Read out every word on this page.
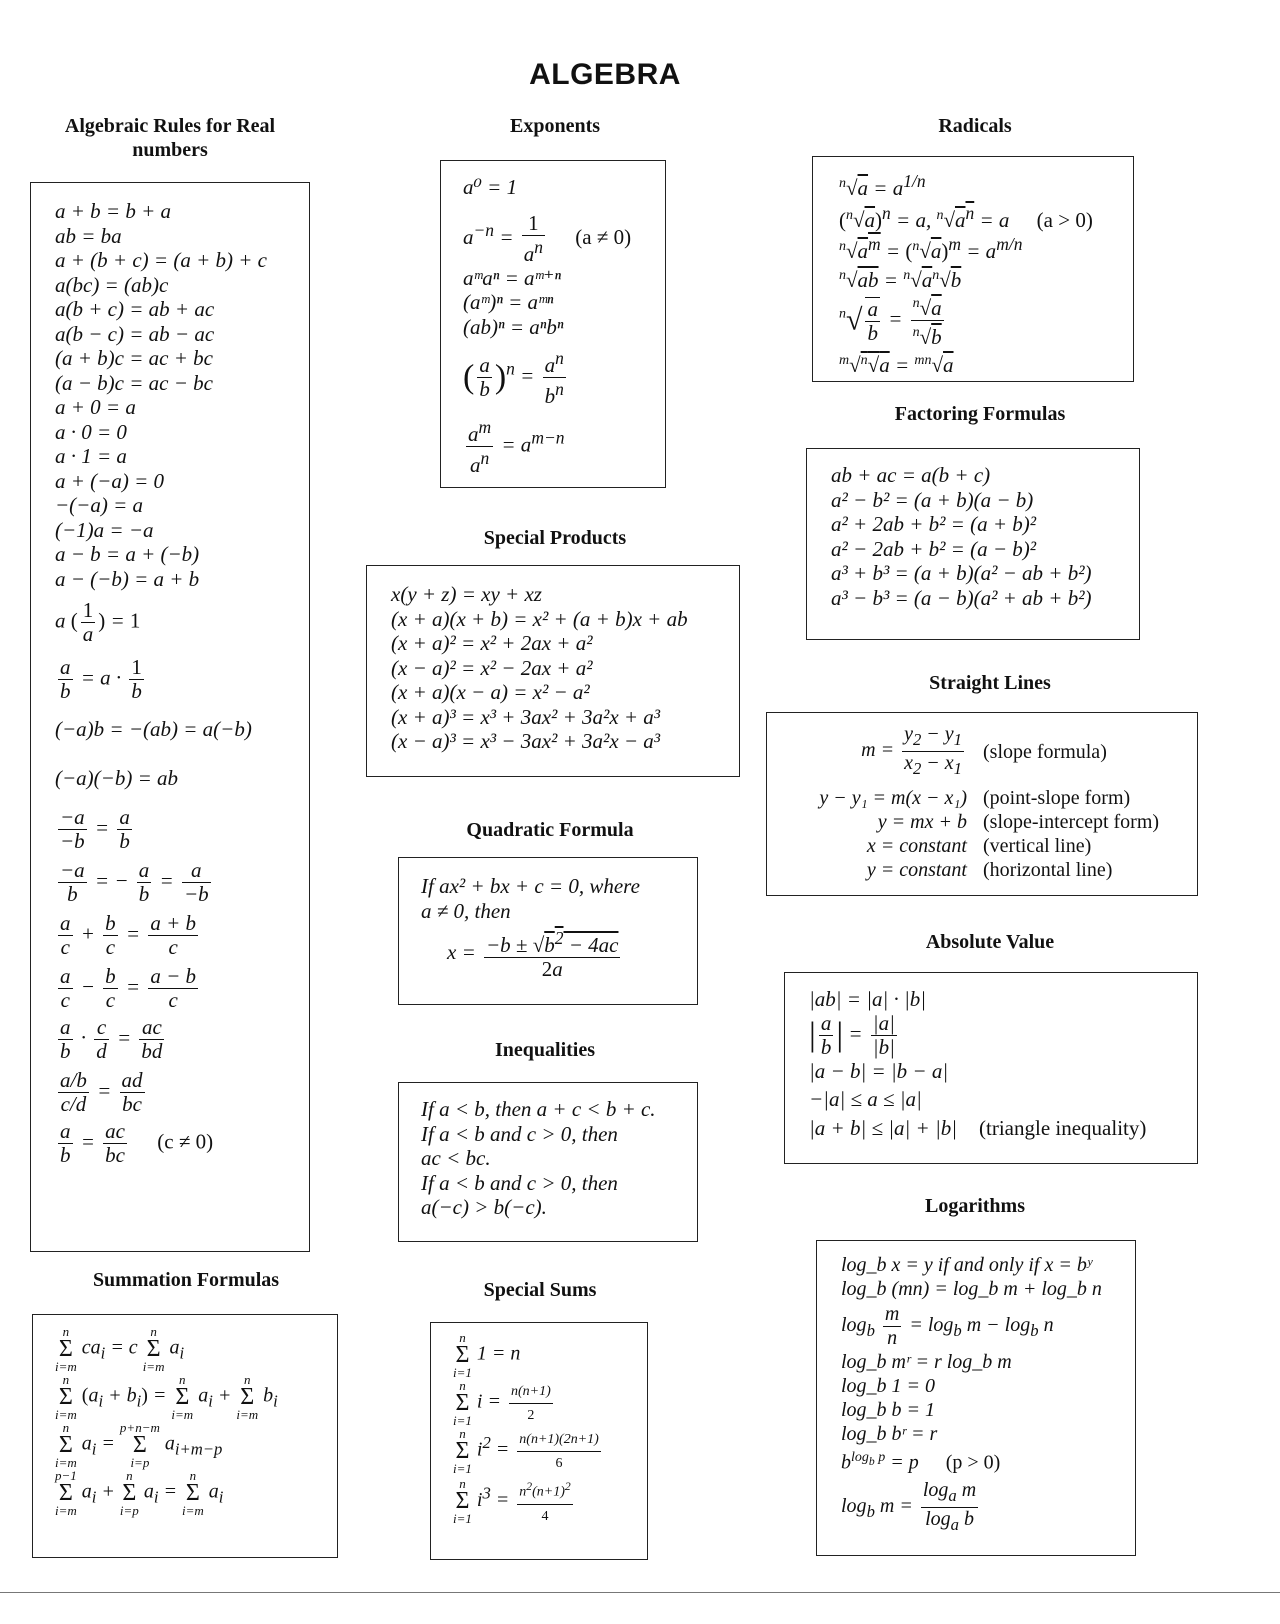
ALGEBRA
Algebraic Rules for Real numbers
a + b = b + a
ab = ba
a + (b + c) = (a + b) + c
a(bc) = (ab)c
a(b + c) = ab + ac
a(b − c) = ab − ac
(a + b)c = ac + bc
(a − b)c = ac − bc
a + 0 = a
a · 0 = 0
a · 1 = a
a + (−a) = 0
−(−a) = a
(−1)a = −a
a − b = a + (−b)
a − (−b) = a + b
a ( $\frac{1}{a}$ ) = 1
$\frac{a}{b} = a \cdot \frac{1}{b}$
(−a)b = −(ab) = a(−b)
(−a)(−b) = ab
$\frac{-a}{-b} = \frac{a}{b}$
$\frac{-a}{b}$ = − $\frac{a}{b} = \frac{a}{-b}$
$\frac{a}{c} + \frac{b}{c} = \frac{a + b}{c}$
$\frac{a}{c} - \frac{b}{c} = \frac{a - b}{c}$
$\frac{a}{b} \cdot \frac{c}{d} = \frac{ac}{bd}$
$\frac{a/b}{c/d} = \frac{ad}{bc}$
$\frac{a}{b} = \frac{ac}{bc} (c \ne 0)$
Exponents
a⁰ = 1
$a^{-n} = \frac{1}{a^n} (a \ne 0)$
aᵐaⁿ = aᵐ⁺ⁿ
(aᵐ)ⁿ = aᵐⁿ
(ab)ⁿ = aⁿbⁿ
( $\frac{a}{b} )^n = \frac{a^n}{b^n}$
$\frac{a^m}{a^n} = a^{m-n}$
Radicals
$^n√a = a^{1/n}$
$(^n√a)^n = a$, $^n√a^n = a$ (a > 0)
$^n√a^m = (^n√a)^m = a^{m/n}$
$^n√ab = ^n√a^n√b$
$^n√ \frac{a}{b} = \frac{^n√a}{^n√b}$
$^m$√$^n$√a = $^{mn}$√a
Factoring Formulas
ab + ac = a(b + c)
a² − b² = (a + b)(a − b)
a² + 2ab + b² = (a + b)²
a² − 2ab + b² = (a − b)²
a³ + b³ = (a + b)(a² − ab + b²)
a³ − b³ = (a − b)(a² + ab + b²)
Special Products
x(y + z) = xy + xz
(x + a)(x + b) = x² + (a + b)x + ab
(x + a)² = x² + 2ax + a²
(x − a)² = x² − 2ax + a²
(x + a)(x − a) = x² − a²
(x + a)³ = x³ + 3ax² + 3a²x + a³
(x − a)³ = x³ − 3ax² + 3a²x − a³
Straight Lines
$m = \frac{y_2 - y_1}{x_2 - x_1}$ (slope formula)
y − y₁ = m(x − x₁) (point-slope form)
y = mx + b (slope-intercept form)
x = constant (vertical line)
y = constant (horizontal line)
Quadratic Formula
If ax² + bx + c = 0, where
a ≠ 0, then
$x = \frac{-b \pm √b^2 - 4ac}{2a}$	Absolute Value
|ab| = |a| · |b|
| $\frac{a}{b}$ | = $\frac{|a|}{|b|}$
|a − b| = |b − a|
−|a| ≤ a ≤ |a|
|a + b| ≤ |a| + |b| (triangle inequality)
Inequalities
If a < b, then a + c < b + c.
If a < b and c > 0, then
ac < bc.
If a < b and c > 0, then
a(−c) > b(−c).	Logarithms
log_b x = y if and only if x = bʸ
log_b (mn) = log_b m + log_b n
$\log_b \frac{m}{n} = \log_b m - \log_b n$
log_b mʳ = r log_b m
log_b 1 = 0
log_b b = 1
log_b bʳ = r
$b^{log_b p} = p$ (p > 0)
$\log_b m = \frac{\log_a m}{\log_a b}$
Summation Formulas
n
Σ
i=m $ca_i = c$ n
Σ
i=m $a_i$
n
Σ
i=m $(a_i + b_i) = n$
Σ
i=m $a_i + n$
Σ
i=m $b_i$
n
Σ
i=m $a_i = p+n-m$
Σ
i=p $a_{i+m-p}$
p−1
Σ
i=m $a_i + n$
Σ
i=p $a_i = n$
Σ
i=m $a_i$
Special Sums
n
Σ
i=1 1 = n
n
Σ
i=1 $i = \frac{n(n+1)}{2}$
n
Σ
i=1 $i^2 = \frac{n(n+1)(2n+1)}{6}$
n
Σ
i=1 $i^3 = \frac{n^2(n+1)^2}{4}$
